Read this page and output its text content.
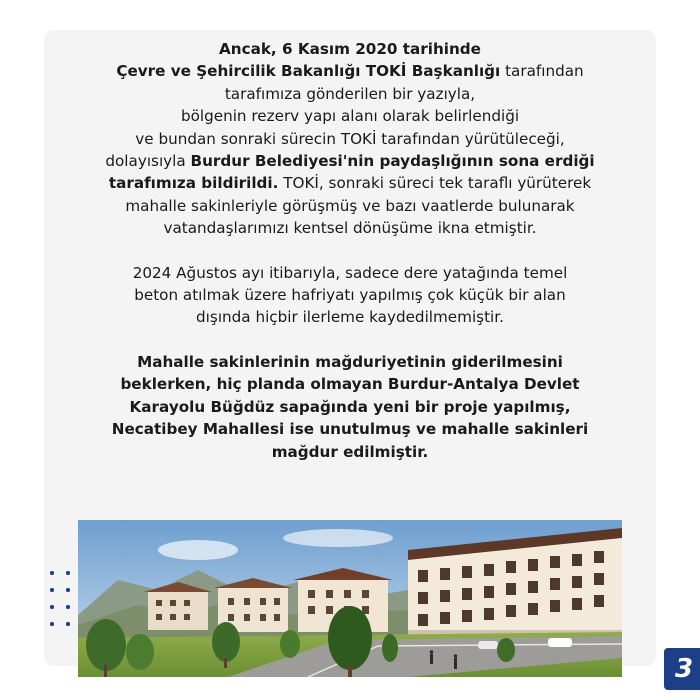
Ancak, 6 Kasım 2020 tarihinde
Çevre ve Şehircilik Bakanlığı TOKİ Başkanlığı tarafından
tarafımıza gönderilen bir yazıyla,
bölgenin rezerv yapı alanı olarak belirlendiği
ve bundan sonraki sürecin TOKİ tarafından yürütüleceği,
dolayısıyla Burdur Belediyesi'nin paydaşlığının sona erdiği
tarafımıza bildirildi. TOKİ, sonraki süreci tek taraflı yürüterek
mahalle sakinleriyle görüşmüş ve bazı vaatlerde bulunarak
vatandaşlarımızı kentsel dönüşüme ikna etmiştir.

2024 Ağustos ayı itibarıyla, sadece dere yatağında temel
beton atılmak üzere hafriyatı yapılmış çok küçük bir alan
dışında hiçbir ilerleme kaydedilmemiştir.

Mahalle sakinlerinin mağduriyetinin giderilmesini
beklerken, hiç planda olmayan Burdur-Antalya Devlet
Karayolu Büğdüz sapağında yeni bir proje yapılmış,
Necatibey Mahallesi ise unutulmuş ve mahalle sakinleri
mağdur edilmiştir.

3
